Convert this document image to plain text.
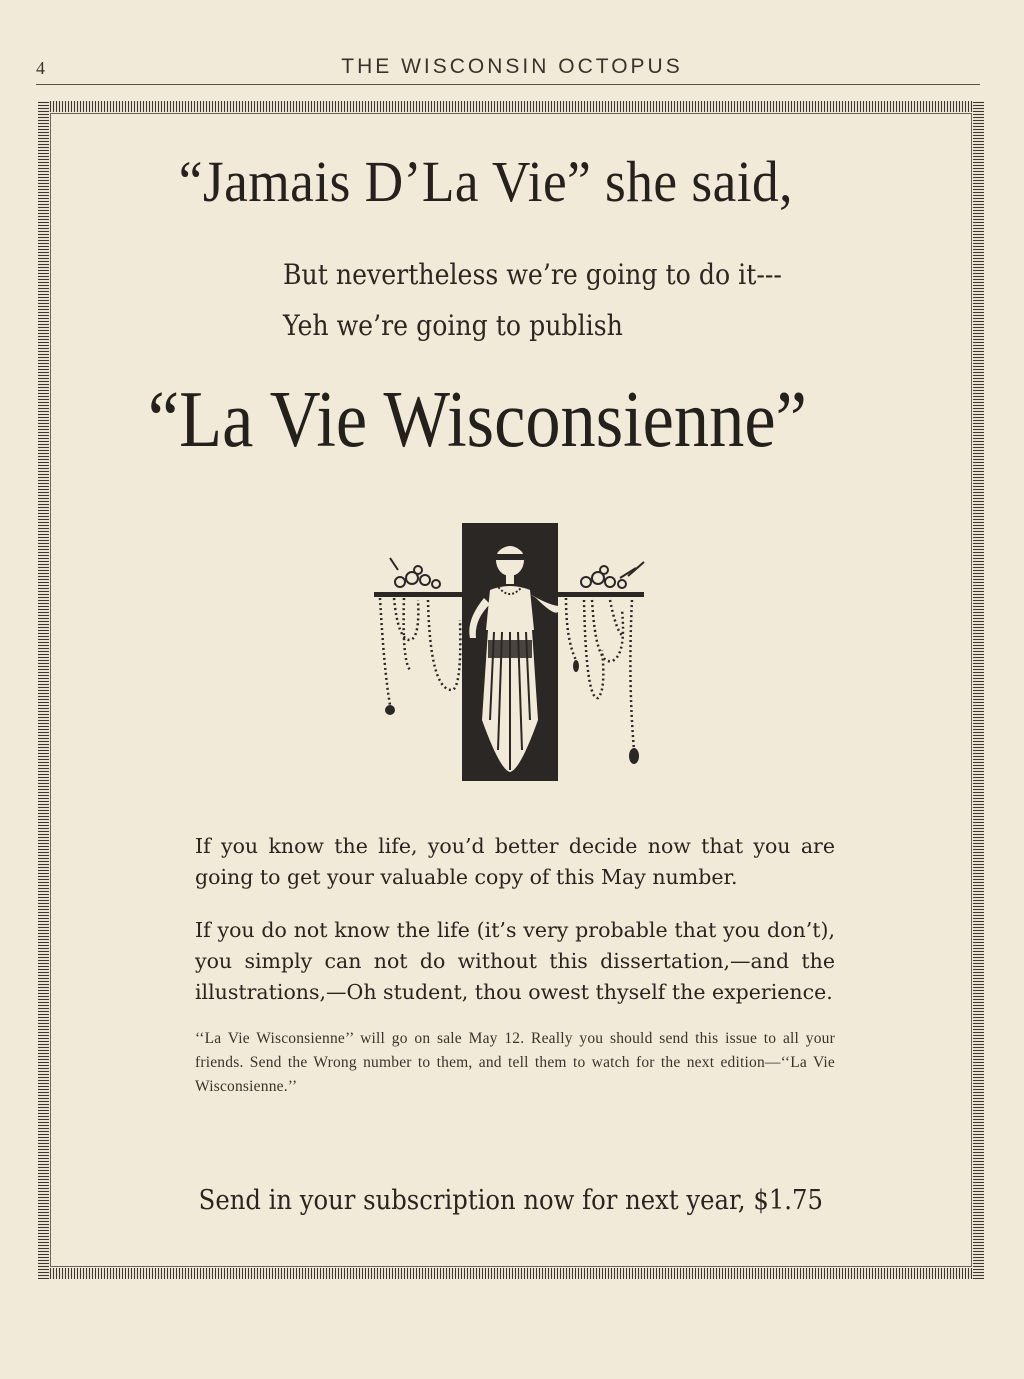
4	THE WISCONSIN OCTOPUS
“Jamais D’La Vie” she said,
But nevertheless we’re going to do it---
Yeh we’re going to publish
“La Vie Wisconsienne”
If you know the life, you’d better decide now that you are going to get your valuable copy of this May number.
If you do not know the life (it’s very probable that you don’t), you simply can not do without this dissertation,—and the illustrations,—Oh student, thou owest thyself the experience.
‘‘La Vie Wisconsienne’’ will go on sale May 12. Really you should send this issue to all your friends. Send the Wrong number to them, and tell them to watch for the next edition—‘‘La Vie Wisconsienne.’’
Send in your subscription now for next year, $1.75
